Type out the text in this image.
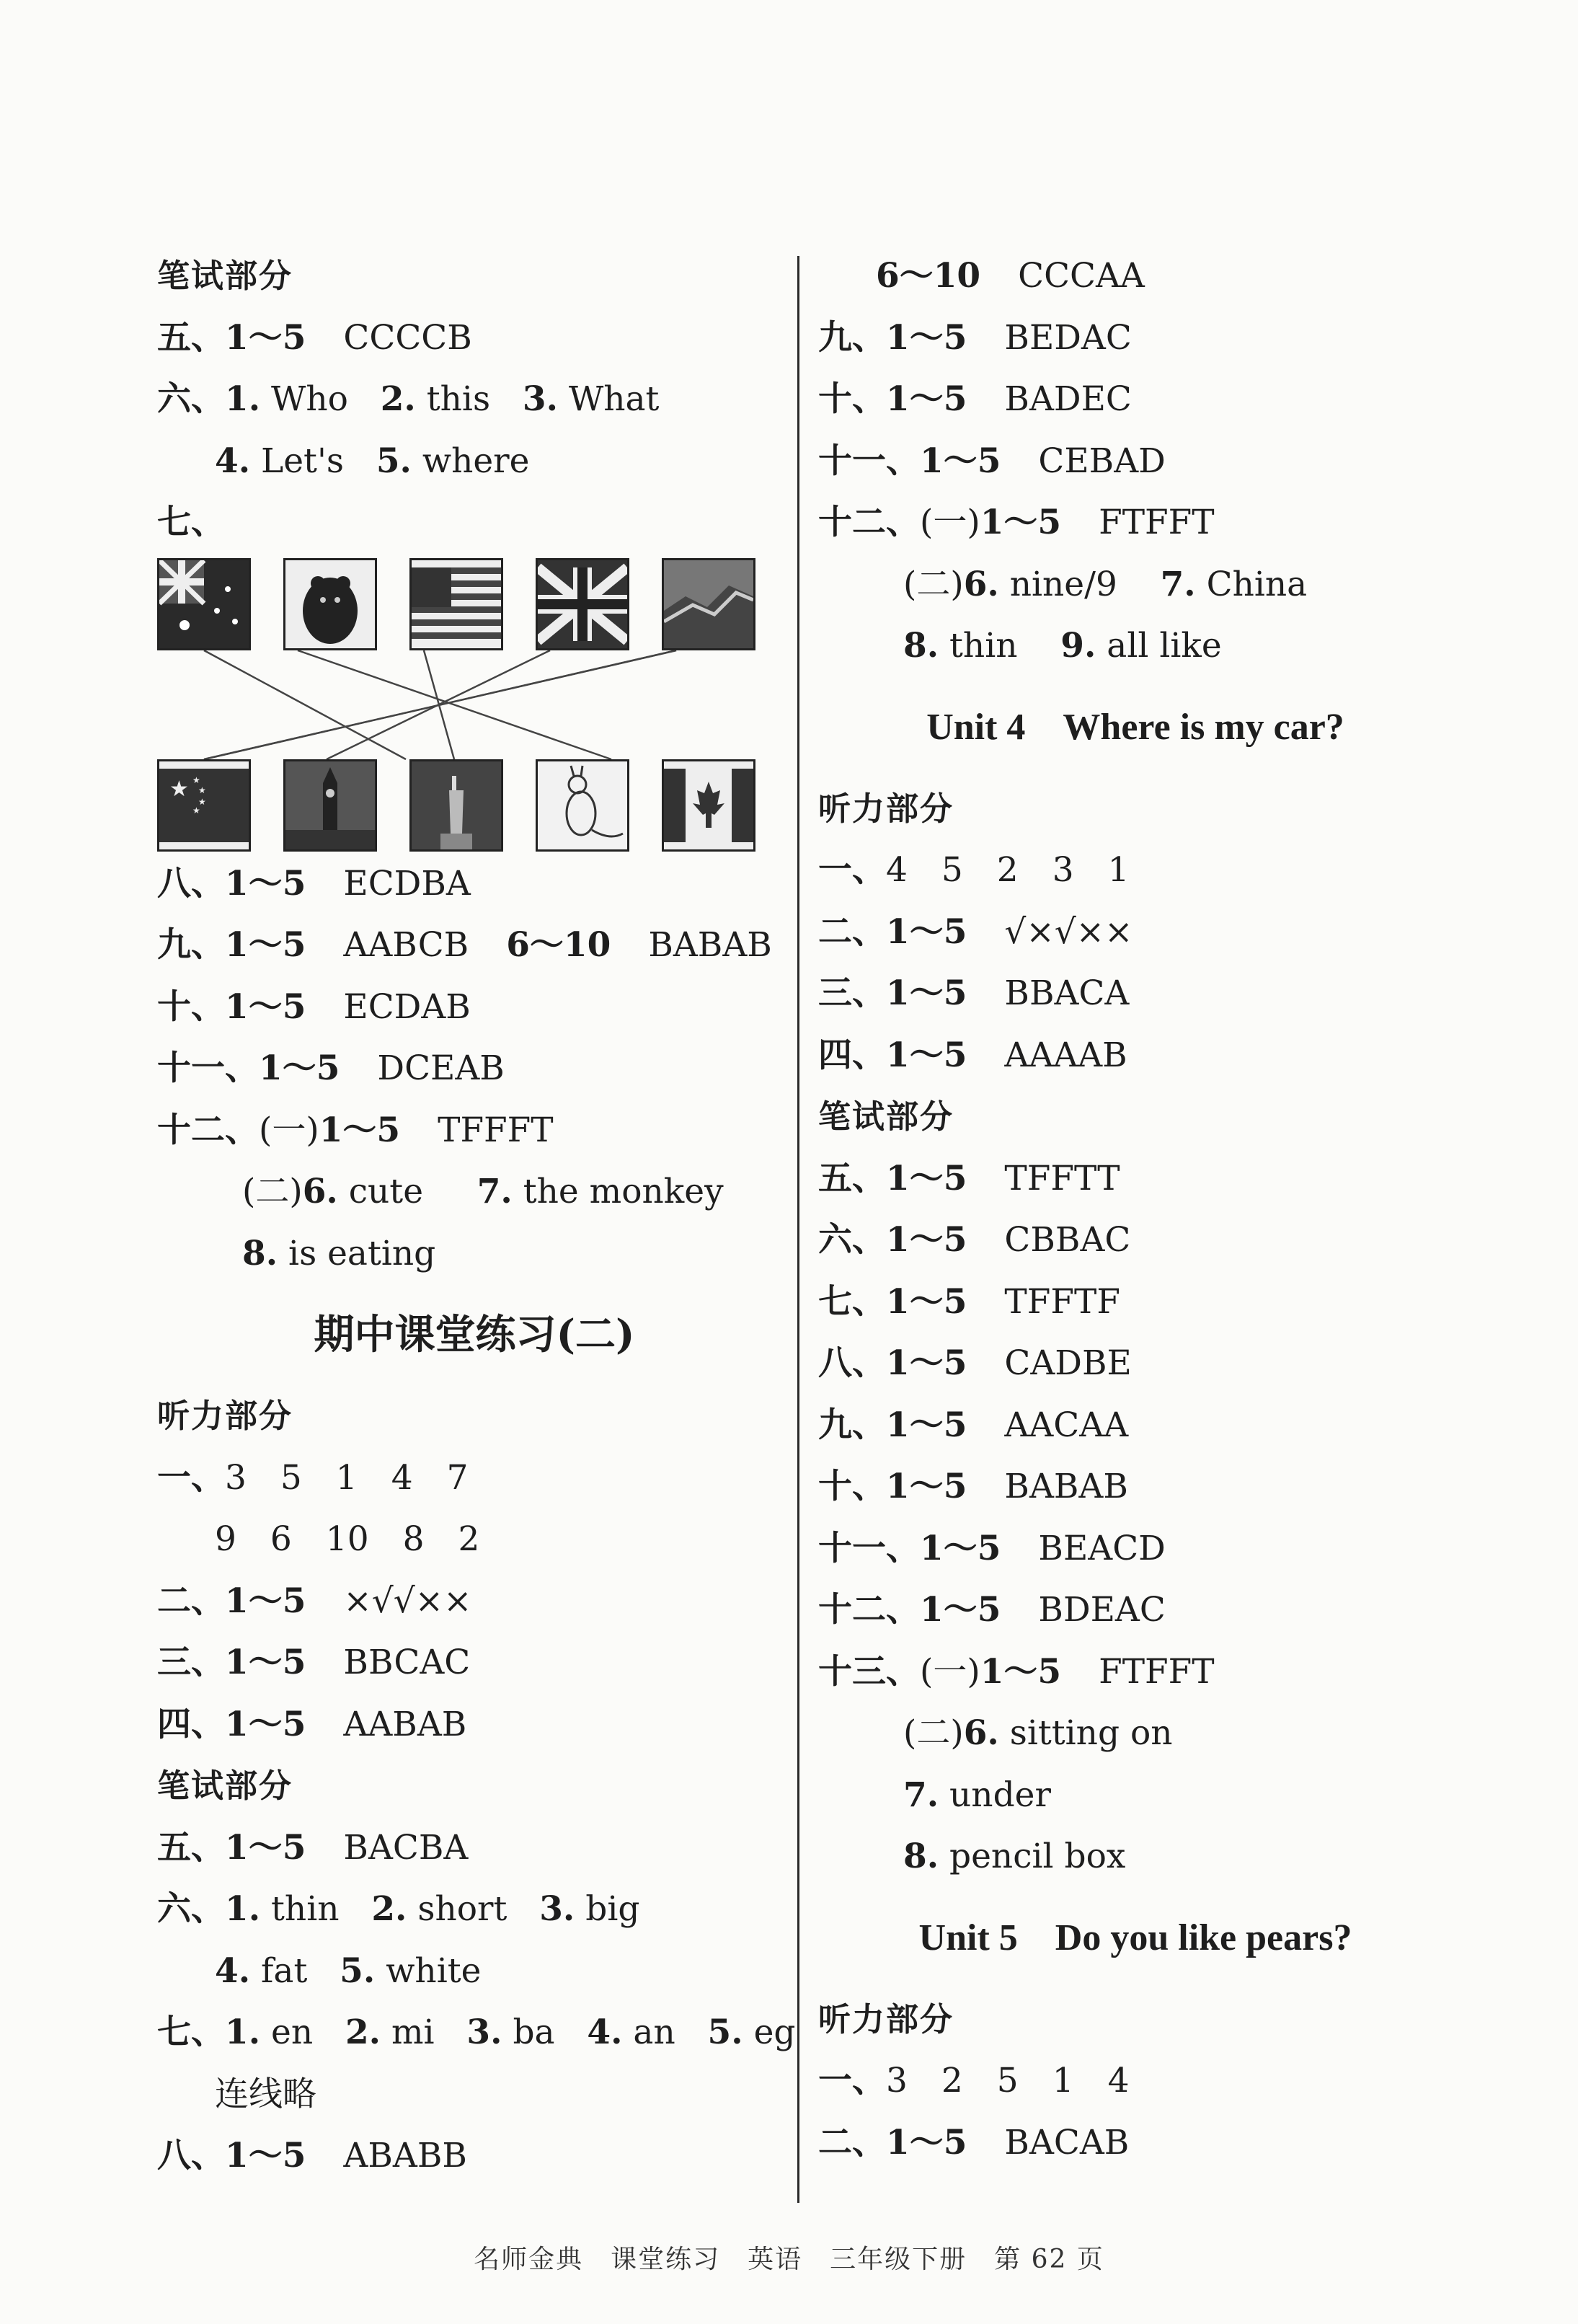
笔试部分
五、1～5 CCCCB
六、1. Who 2. this 3. What
4. Let's 5. where
七、
★ ★
★
★
★
八、1～5 ECDBA
九、1～5 AABCB 6～10 BABAB
十、1～5 ECDAB
十一、1～5 DCEAB
十二、(一)1～5 TFFFT
(二)6. cute 7. the monkey
8. is eating
期中课堂练习(二)
听力部分
一、3　5　1　4　7
9　6　10　8　2
二、1～5 ×√√××
三、1～5 BBCAC
四、1～5 AABAB
笔试部分
五、1～5 BACBA
六、1. thin 2. short 3. big
4. fat 5. white
七、1. en 2. mi 3. ba 4. an 5. eg
连线略
八、1～5 ABABB
6～10 CCCAA
九、1～5 BEDAC
十、1～5 BADEC
十一、1～5 CEBAD
十二、(一)1～5 FTFFT
(二)6. nine/9 7. China
8. thin 9. all like
Unit 4　Where is my car?
听力部分
一、4　5　2　3　1
二、1～5 √×√××
三、1～5 BBACA
四、1～5 AAAAB
笔试部分
五、1～5 TFFTT
六、1～5 CBBAC
七、1～5 TFFTF
八、1～5 CADBE
九、1～5 AACAA
十、1～5 BABAB
十一、1～5 BEACD
十二、1～5 BDEAC
十三、(一)1～5 FTFFT
(二)6. sitting on
7. under
8. pencil box
Unit 5　Do you like pears?
听力部分
一、3　2　5　1　4
二、1～5 BACAB
名师金典　课堂练习　英语　三年级下册　第 62 页
